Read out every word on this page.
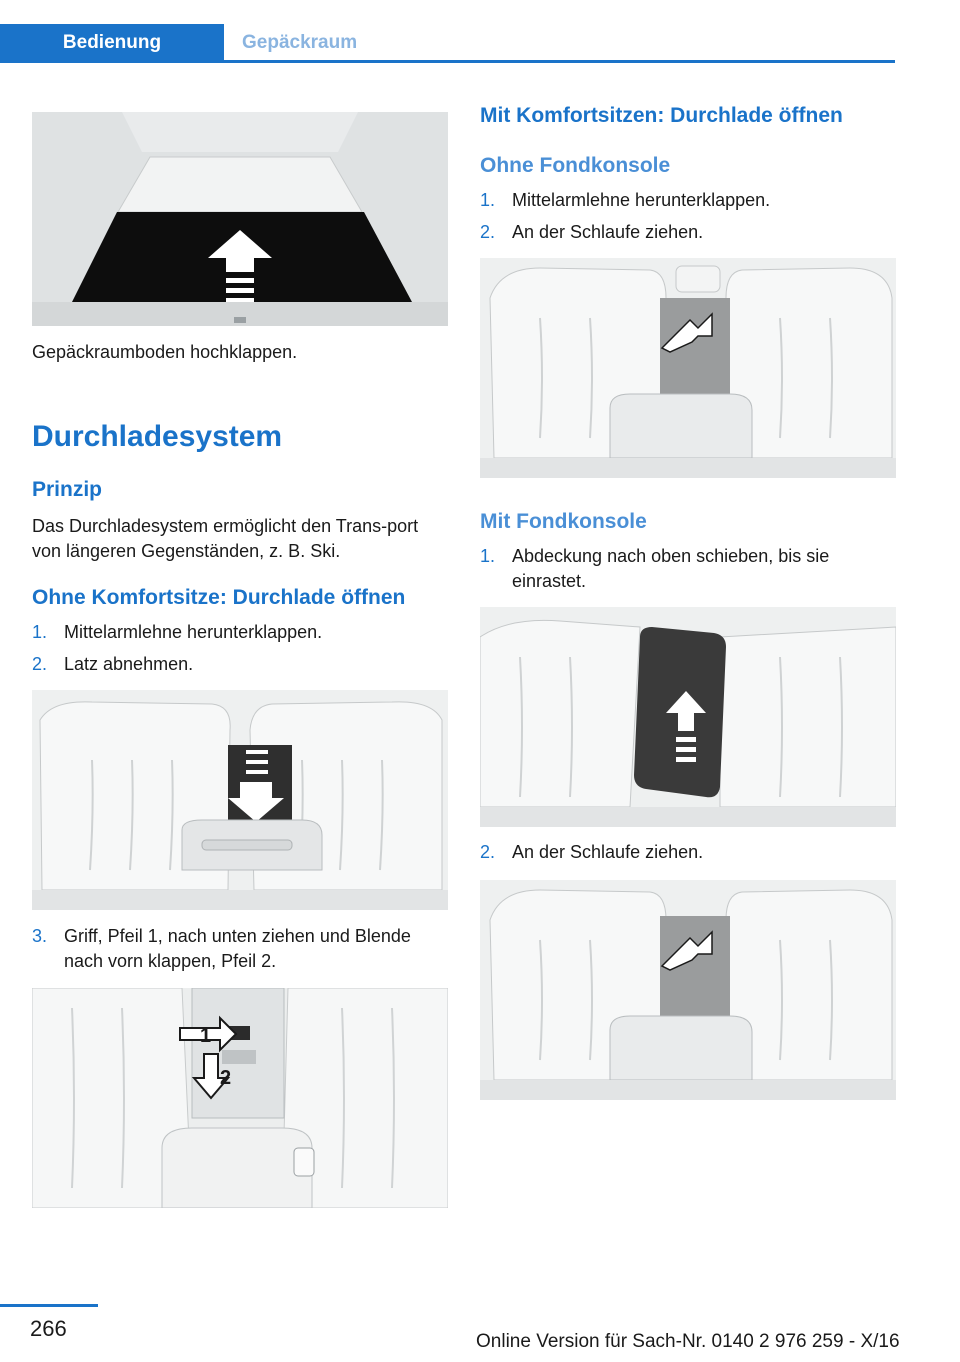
Bedienung	Gepäckraum
Gepäckraumboden hochklappen.
Durchladesystem
Prinzip
Das Durchladesystem ermöglicht den Trans-port von längeren Gegenständen, z. B. Ski.
Ohne Komfortsitze: Durchlade öffnen
1. Mittelarmlehne herunterklappen.
2. Latz abnehmen.
3. Griff, Pfeil 1, nach unten ziehen und Blende nach vorn klappen, Pfeil 2.
1
2
Mit Komfortsitzen: Durchlade öffnen
Ohne Fondkonsole
1. Mittelarmlehne herunterklappen.
2. An der Schlaufe ziehen.
Mit Fondkonsole
1. Abdeckung nach oben schieben, bis sie einrastet.
2. An der Schlaufe ziehen.
266
Online Version für Sach-Nr. 0140 2 976 259 - X/16
